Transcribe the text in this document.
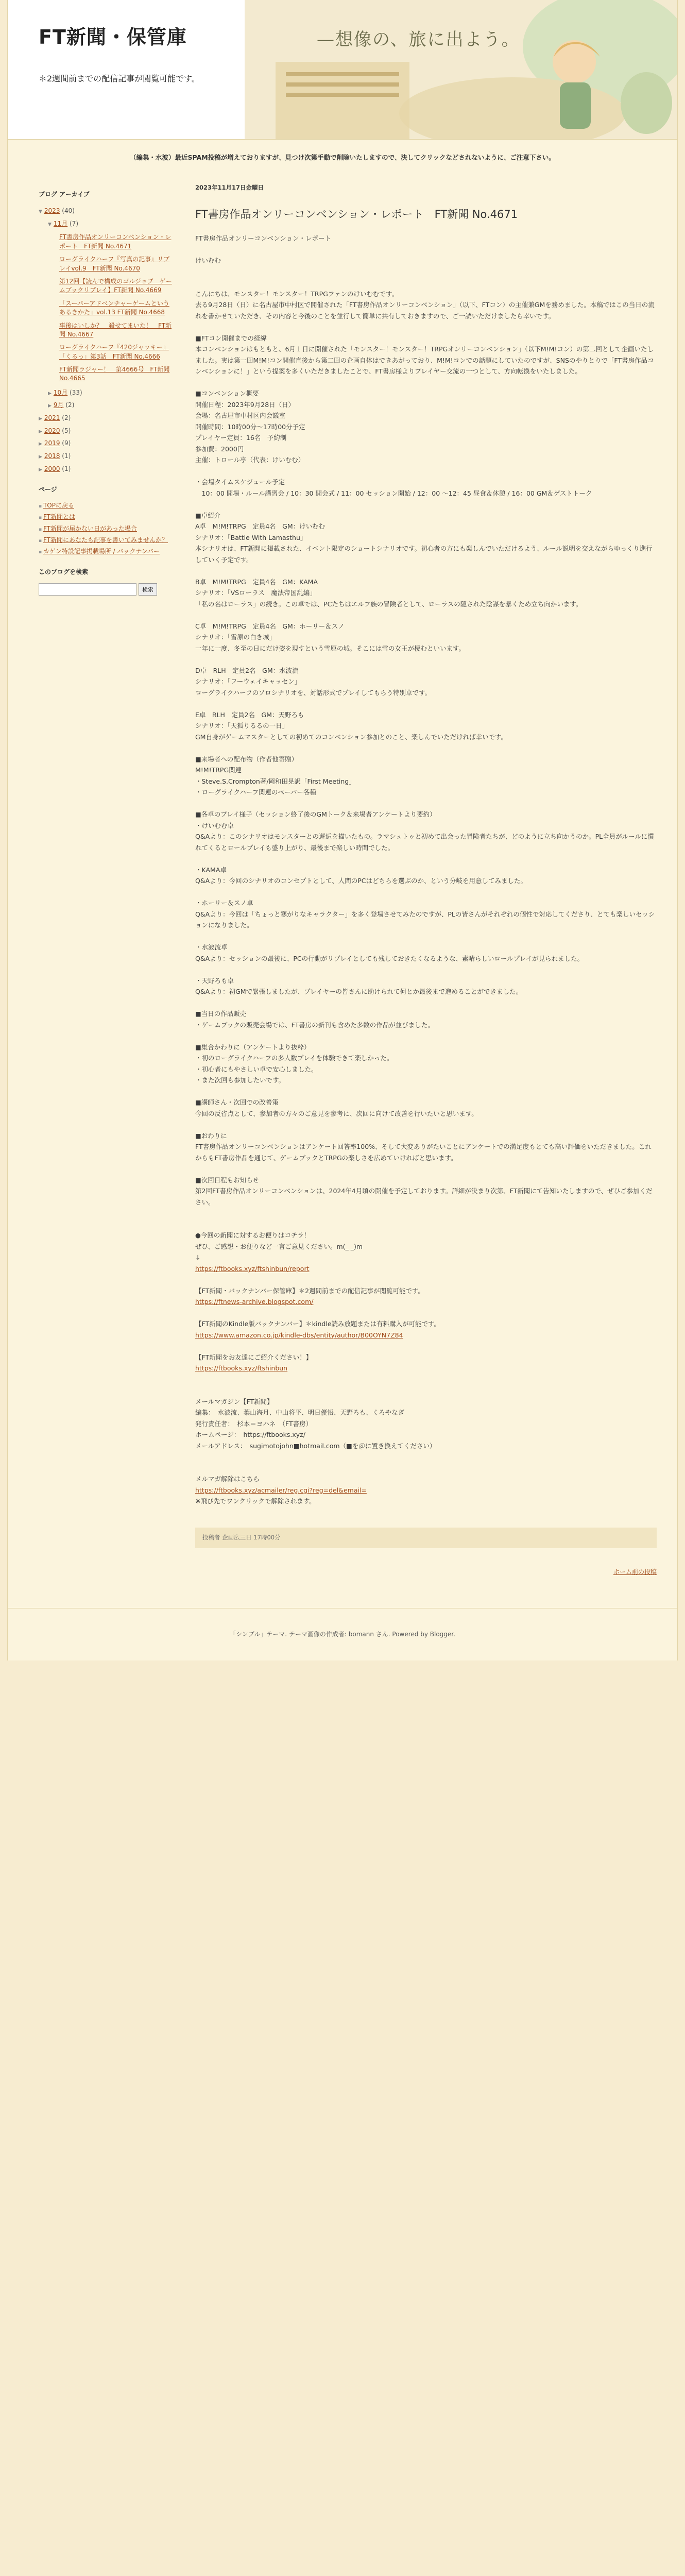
FT新聞・保管庫
＊2週間前までの配信記事が閲覧可能です。
—想像の、旅に出よう。
（編集・水波）最近SPAM投稿が増えておりますが、見つけ次第手動で削除いたしますので、決してクリックなどされないように、ご注意下さい。
ブログ アーカイブ
▼ 2023 (40)
▼ 11月 (7)
FT書房作品オンリーコンベンション・レポート　FT新聞 No.4671
ローグライクハーフ『写真の記事』リプレイvol.9　FT新聞 No.4670
第12回【読んで構成のゴルジョブ　ゲームブックリプレイ】FT新聞 No.4669
「スーパーアドベンチャーゲームというあるきかた」vol.13 FT新聞 No.4668
事後はいしか？　殺せてまいた！　FT新聞 No.4667
ローグライクハーフ『420ジャッキー』「くるっ」第3話　FT新聞 No.4666
FT新聞ラジャー！　第4666号　FT新聞 No.4665
▶ 10月 (33)
▶ 9月 (2)
▶ 2021 (2)
▶ 2020 (5)
▶ 2019 (9)
▶ 2018 (1)
▶ 2000 (1)
ページ
▪ TOPに戻る
▪ FT新聞とは
▪ FT新聞が届かない日があった場合
▪ FT新聞にあなたも記事を書いてみませんか？
▪ カゲン特設記事掲載場所 / バックナンバー
このブログを検索
検索
2023年11月17日金曜日
FT書房作品オンリーコンベンション・レポート　FT新聞 No.4671

FT書房作品オンリーコンベンション・レポート

けいむむ

こんにちは、モンスター！モンスター！TRPGファンのけいむむです。

去る9月28日（日）に名古屋市中村区で開催された「FT書房作品オンリーコンベンション」（以下、FTコン）の主催兼GMを務めました。本稿ではこの当日の流れを書かせていただき、その内容と今後のことを並行して簡単に共有しておきますので、ご一読いただけましたら幸いです。

■FTコン開催までの経緯

本コンベンションはもともと、6月１日に開催された「モンスター！モンスター！TRPGオンリーコンベンション」（以下M!M!コン）の第二回として企画いたしました。実は第一回M!M!コン開催直後から第二回の企画自体はできあがっており、M!M!コンでの話題にしていたのですが、SNSのやりとりで「FT書房作品コンベンションに！」という提案を多くいただきましたことで、FT書房様よりプレイヤー交流の一つとして、方向転換をいたしました。

■コンベンション概要

開催日程：2023年9月28日（日）

会場：名古屋市中村区内会議室

開催時間：10時00分〜17時00分予定

プレイヤー定員：16名　予約制

参加費：2000円

主催：トロール亭（代表：けいむむ）

・会場タイムスケジュール予定

　10：00 開場・ルール講習会 / 10：30 開会式 / 11：00 セッション開始 / 12：00 〜12：45 昼食＆休憩 / 16：00 GM＆ゲストトーク

■卓紹介

A卓　M!M!TRPG　定員4名　GM：けいむむ

シナリオ：「Battle With Lamasthu」

本シナリオは、FT新聞に掲載された、イベント限定のショートシナリオです。初心者の方にも楽しんでいただけるよう、ルール説明を交えながらゆっくり進行していく予定です。

B卓　M!M!TRPG　定員4名　GM：KAMA

シナリオ：「VSローラス　魔法帝国乱編」

「私の名はローラス」の続き。この卓では、PCたちはエルフ族の冒険者として、ローラスの隠された陰謀を暴くため立ち向かいます。

C卓　M!M!TRPG　定員4名　GM：ホーリー＆スノ

シナリオ：「雪原の白き城」

一年に一度、冬至の日にだけ姿を現すという雪原の城。そこには雪の女王が棲むといいます。

D卓　RLH　定員2名　GM：水波流

シナリオ：「フーウェイキャッセン」

ローグライクハーフのソロシナリオを、対話形式でプレイしてもらう特別卓です。

E卓　RLH　定員2名　GM：天野ろも

シナリオ：「天狐りるるの一日」

GM自身がゲームマスターとしての初めてのコンベンション参加とのこと、楽しんでいただければ幸いです。

■来場者への配布物（作者他寄贈）

M!M!TRPG関連

・Steve.S.Crompton著/岡和田晃訳「First Meeting」

・ローグライクハーフ関連のペーパー各種

■各卓のプレイ様子（セッション終了後のGMトーク＆来場者アンケートより要約）

・けいむむ卓

Q&Aより：このシナリオはモンスターとの邂逅を描いたもの。ラマシュトゥと初めて出会った冒険者たちが、どのように立ち向かうのか。PL全員がルールに慣れてくるとロールプレイも盛り上がり、最後まで楽しい時間でした。

・KAMA卓

Q&Aより：今回のシナリオのコンセプトとして、人間のPCはどちらを選ぶのか、という分岐を用意してみました。

・ホーリー＆スノ卓

Q&Aより：今回は「ちょっと寒がりなキャラクター」を多く登場させてみたのですが、PLの皆さんがそれぞれの個性で対応してくださり、とても楽しいセッションになりました。

・水波流卓

Q&Aより：セッションの最後に、PCの行動がリプレイとしても残しておきたくなるような、素晴らしいロールプレイが見られました。

・天野ろも卓

Q&Aより：初GMで緊張しましたが、プレイヤーの皆さんに助けられて何とか最後まで進めることができました。

■当日の作品販売

・ゲームブックの販売会場では、FT書房の新刊も含めた多数の作品が並びました。

■集合かわりに（アンケートより抜粋）

・初のローグライクハーフの多人数プレイを体験できて楽しかった。

・初心者にもやさしい卓で安心しました。

・また次回も参加したいです。

■講師さん・次回での改善策

今回の反省点として、参加者の方々のご意見を参考に、次回に向けて改善を行いたいと思います。

■おわりに

FT書房作品オンリーコンベンションはアンケート回答率100%、そして大変ありがたいことにアンケートでの満足度もとても高い評価をいただきました。これからもFT書房作品を通じて、ゲームブックとTRPGの楽しさを広めていければと思います。

■次回日程もお知らせ

第2回FT書房作品オンリーコンベンションは、2024年4月頃の開催を予定しております。詳細が決まり次第、FT新聞にて告知いたしますので、ぜひご参加ください。

●今回の新聞に対するお便りはコチラ！

ぜひ、ご感想・お便りなど一言ご意見ください。m(_ _)m

↓

https://ftbooks.xyz/ftshinbun/report

【FT新聞・バックナンバー保管庫】＊2週間前までの配信記事が閲覧可能です。

https://ftnews-archive.blogspot.com/

【FT新聞のKindle版バックナンバー】＊kindle読み放題または有料購入が可能です。

https://www.amazon.co.jp/kindle-dbs/entity/author/B00OYN7Z84

【FT新聞をお友達にご紹介ください！】

https://ftbooks.xyz/ftshinbun

メールマガジン【FT新聞】

編集：　水波流、葉山海月、中山将平、明日優悟、天野ろも、くろやなぎ

発行責任者：　杉本＝ヨハネ　（FT書房）

ホームページ：　https://ftbooks.xyz/

メールアドレス：　sugimotojohn■hotmail.com（■を＠に置き換えてください）

メルマガ解除はこちら

https://ftbooks.xyz/acmailer/reg.cgi?reg=del&email=

※飛び先でワンクリックで解除されます。

投稿者 企画広三日 17時00分
ホーム 前の投稿
「シンプル」テーマ. テーマ画像の作成者: bomann さん. Powered by Blogger.
